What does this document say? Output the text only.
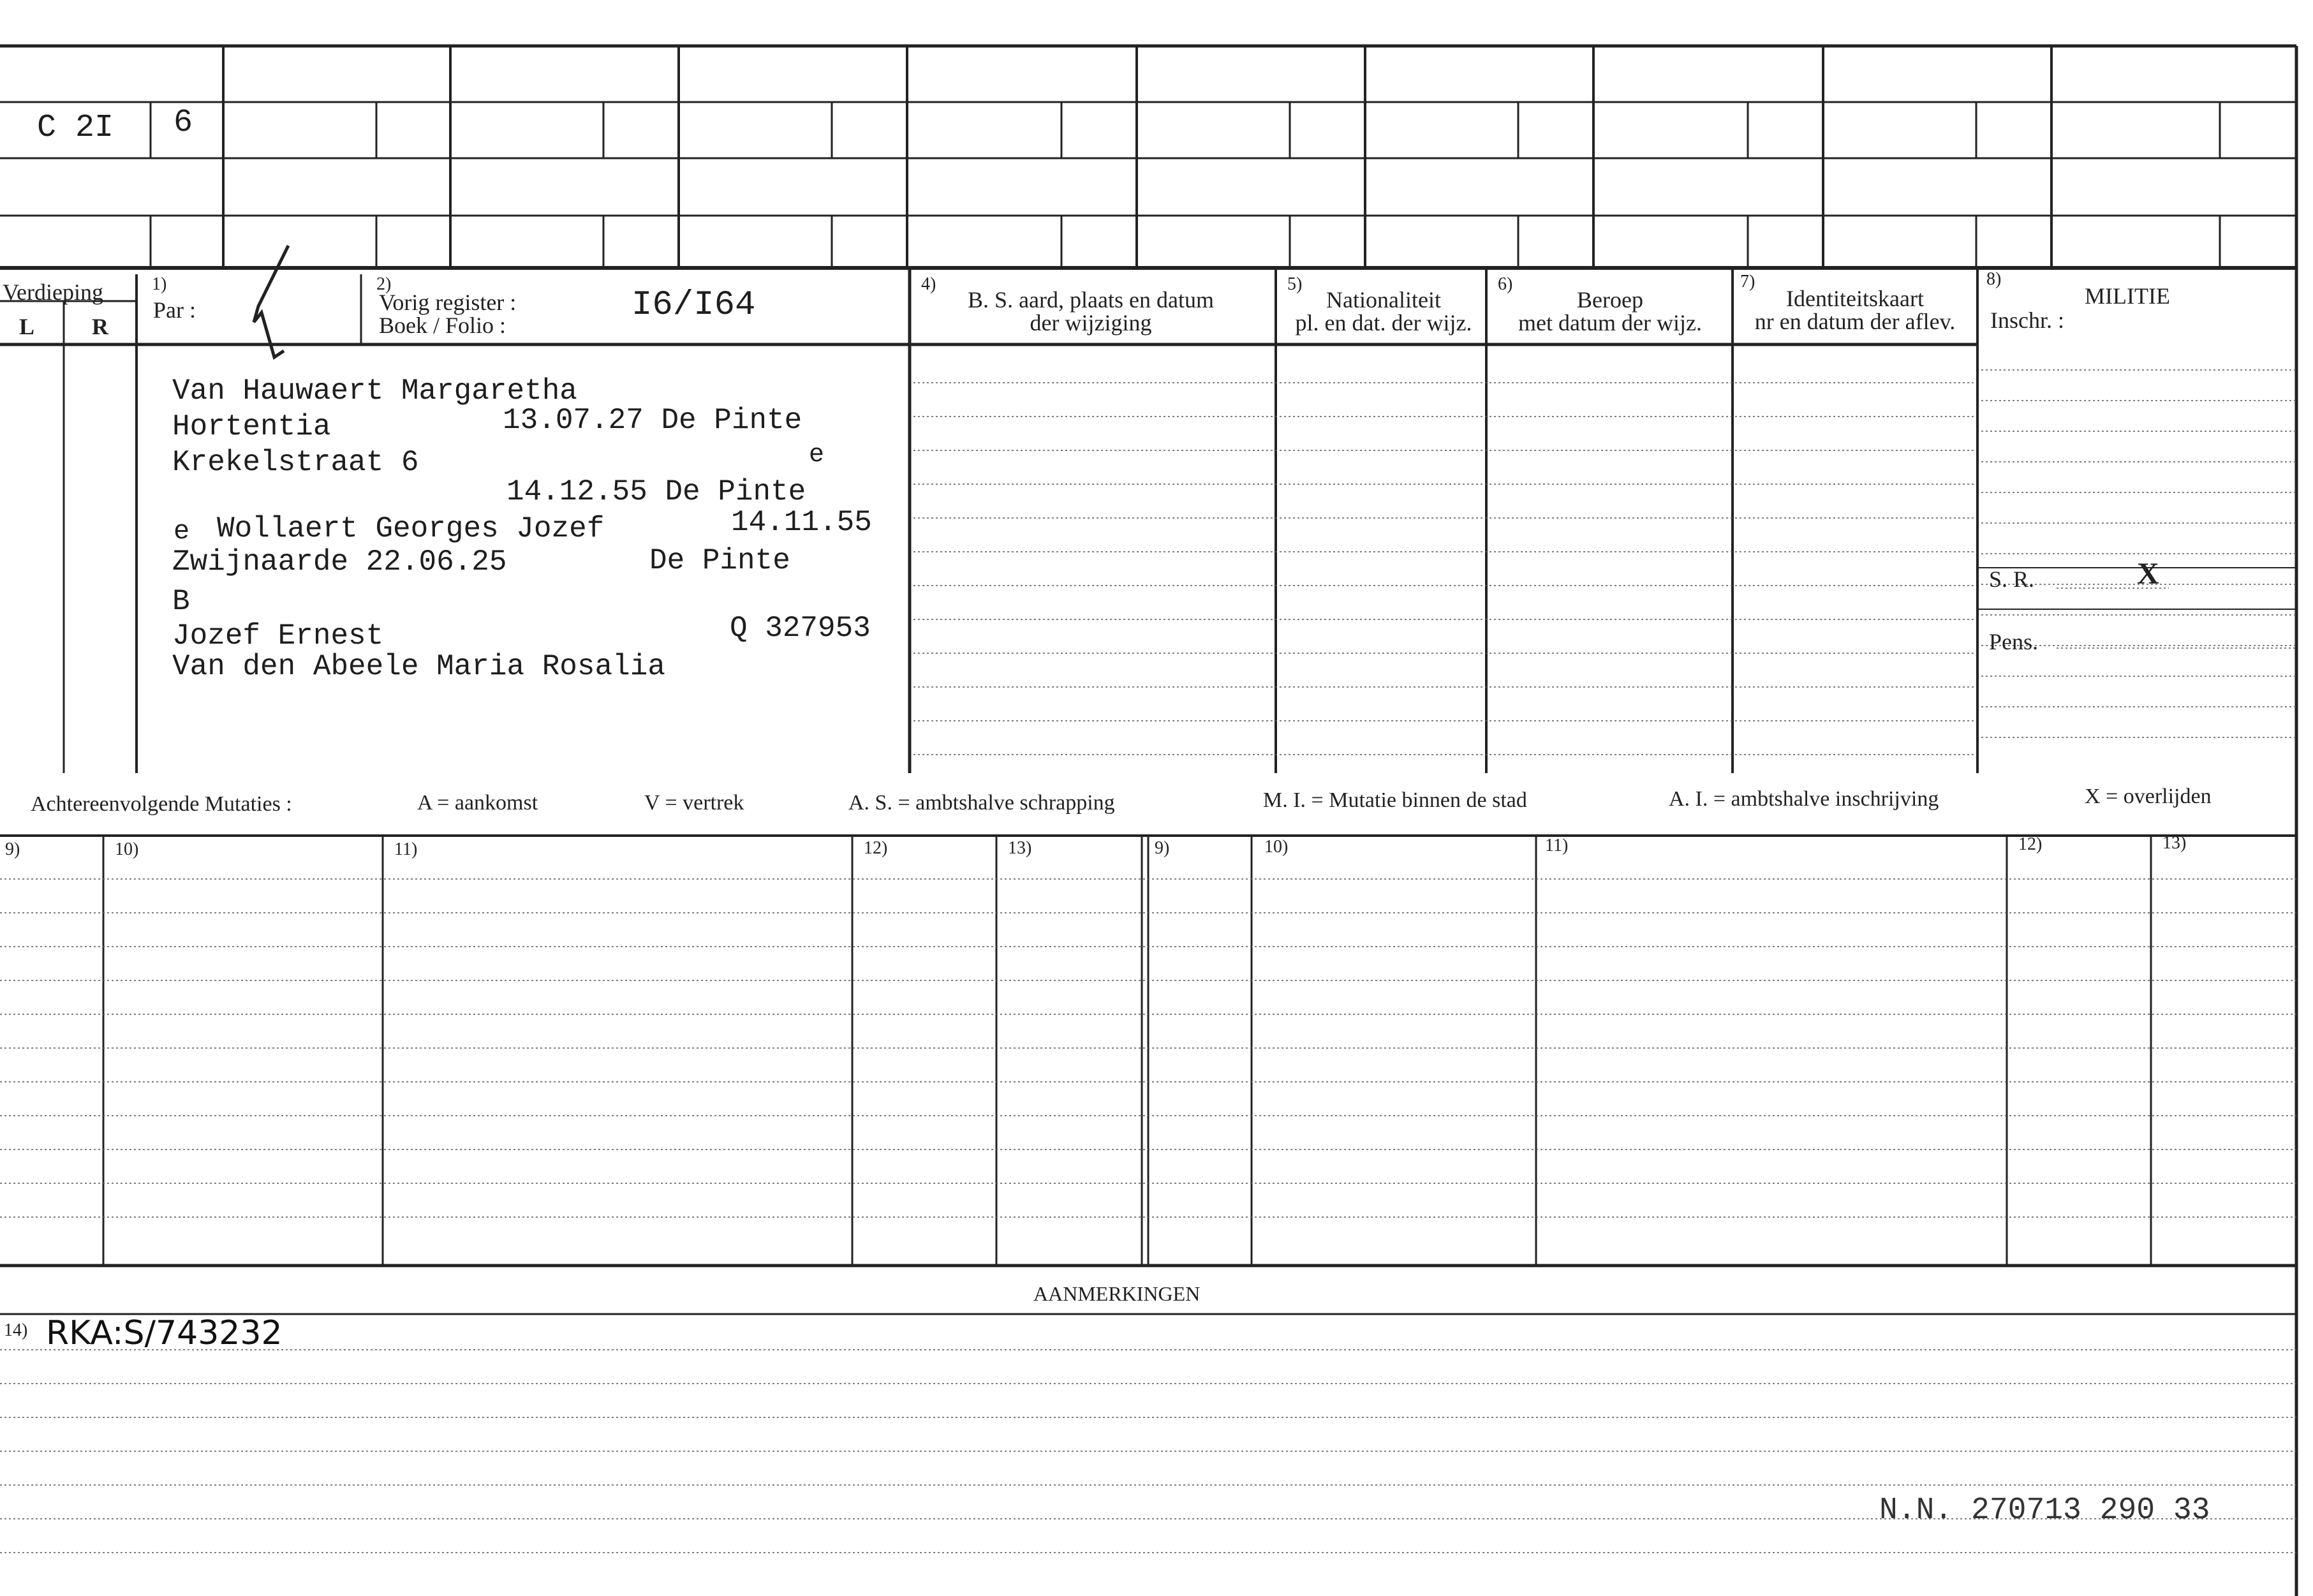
C 2I 6
Verdieping
L R
1)
Par :
2)
Vorig register :
Boek / Folio :
I6/I64
4)
B. S. aard, plaats en datum
der wijziging
5)
Nationaliteit
pl. en dat. der wijz.
6)
Beroep
met datum der wijz.
7)
Identiteitskaart
nr en datum der aflev.
8)
MILITIE
Inschr. :
S. R.	X
Pens.
Van Hauwaert Margaretha
Hortentia	13.07.27 De Pinte
Krekelstraat 6	e
14.12.55 De Pinte
e Wollaert Georges Jozef	14.11.55
Zwijnaarde 22.06.25	De Pinte
B
Jozef Ernest	Q 327953
Van den Abeele Maria Rosalia
Achtereenvolgende Mutaties :	A = aankomst	V = vertrek	A. S. = ambtshalve schrapping	M. I. = Mutatie binnen de stad	A. I. = ambtshalve inschrijving	X = overlijden
9)	10)	11)	12)	13)	9)	10)	11)	12)	13)
AANMERKINGEN
14) RKA:S/743232
N.N. 270713 290 33
